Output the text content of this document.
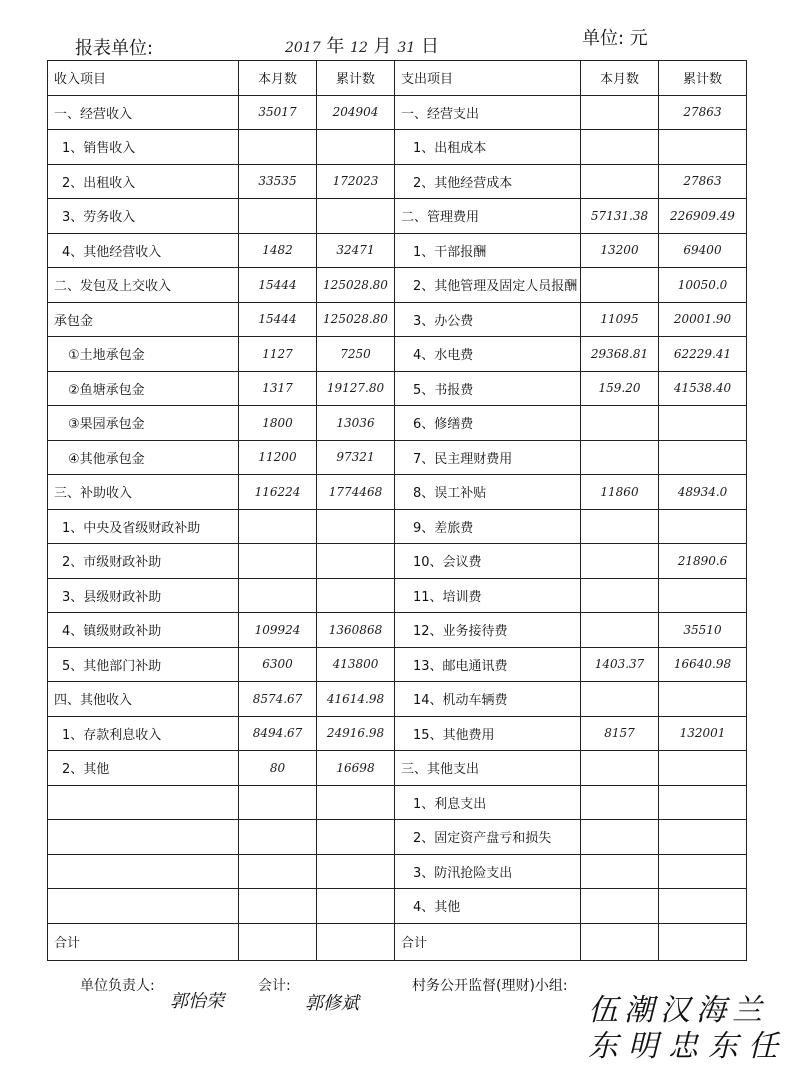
报表单位:	2017 年 12 月 31 日	单位: 元
收入项目	本月数	累计数	支出项目	本月数	累计数
一、经营收入	35017	204904	一、经营支出		27863
1、销售收入			1、出租成本		
2、出租收入	33535	172023	2、其他经营成本		27863
3、劳务收入			二、管理费用	57131.38	226909.49
4、其他经营收入	1482	32471	1、干部报酬	13200	69400
二、发包及上交收入	15444	125028.80	2、其他管理及固定人员报酬		10050.0
承包金	15444	125028.80	3、办公费	11095	20001.90
①土地承包金	1127	7250	4、水电费	29368.81	62229.41
②鱼塘承包金	1317	19127.80	5、书报费	159.20	41538.40
③果园承包金	1800	13036	6、修缮费		
④其他承包金	11200	97321	7、民主理财费用		
三、补助收入	116224	1774468	8、误工补贴	11860	48934.0
1、中央及省级财政补助			9、差旅费		
2、市级财政补助			10、会议费		21890.6
3、县级财政补助			11、培训费		
4、镇级财政补助	109924	1360868	12、业务接待费		35510
5、其他部门补助	6300	413800	13、邮电通讯费	1403.37	16640.98
四、其他收入	8574.67	41614.98	14、机动车辆费		
1、存款利息收入	8494.67	24916.98	15、其他费用	8157	132001
2、其他	80	16698	三、其他支出		
			1、利息支出		
			2、固定资产盘亏和损失		
			3、防汛抢险支出		
			4、其他		
合计			合计		
单位负责人:	会计:	村务公开监督(理财)小组:
郭怡荣	郭修斌	伍潮汉海兰
东明忠东任
